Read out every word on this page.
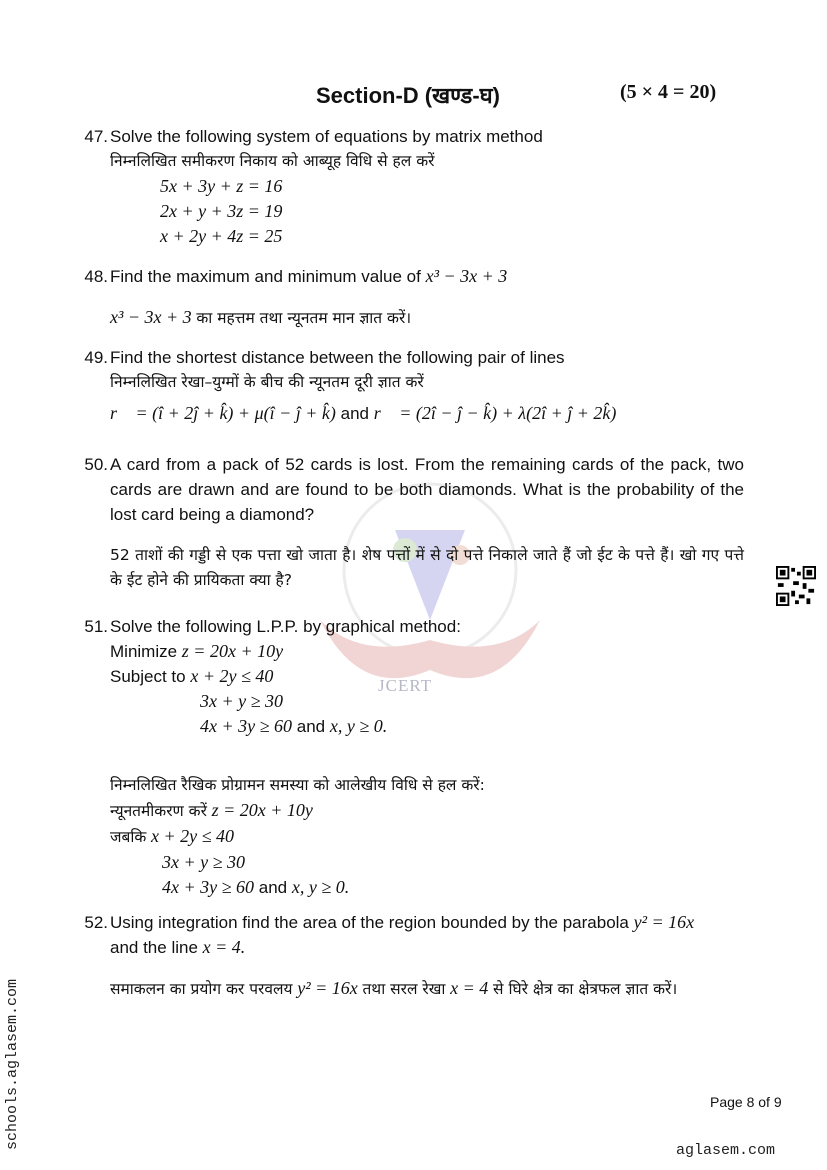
JCERT
Section-D (खण्ड-घ)	(5 × 4 = 20)
47. Solve the following system of equations by matrix method
निम्नलिखित समीकरण निकाय को आब्यूह विधि से हल करें
5x + 3y + z = 16
2x + y + 3z = 19
x + 2y + 4z = 25
48. Find the maximum and minimum value of x³ − 3x + 3
x³ − 3x + 3 का महत्तम तथा न्यूनतम मान ज्ञात करें।
49. Find the shortest distance between the following pair of lines
निम्नलिखित रेखा–युग्मों के बीच की न्यूनतम दूरी ज्ञात करें
r⃗ = (î + 2ĵ + k̂) + μ(î − ĵ + k̂) and r⃗ = (2î − ĵ − k̂) + λ(2î + ĵ + 2k̂)
50. A card from a pack of 52 cards is lost. From the remaining cards of the pack, two cards are drawn and are found to be both diamonds. What is the probability of the lost card being a diamond?
52 ताशों की गड्डी से एक पत्ता खो जाता है। शेष पत्तों में से दो पत्ते निकाले जाते हैं जो ईट के पत्ते हैं। खो गए पत्ते के ईट होने की प्रायिकता क्या है?
51. Solve the following L.P.P. by graphical method:
Minimize z = 20x + 10y
Subject to x + 2y ≤ 40
3x + y ≥ 30
4x + 3y ≥ 60 and x, y ≥ 0.
निम्नलिखित रैखिक प्रोग्रामन समस्या को आलेखीय विधि से हल करें:
न्यूनतमीकरण करें z = 20x + 10y
जबकि x + 2y ≤ 40
3x + y ≥ 30
4x + 3y ≥ 60 and x, y ≥ 0.
52. Using integration find the area of the region bounded by the parabola y² = 16x
and the line x = 4.
समाकलन का प्रयोग कर परवलय y² = 16x तथा सरल रेखा x = 4 से घिरे क्षेत्र का क्षेत्रफल ज्ञात करें।
Page 8 of 9
aglasem.com
schools.aglasem.com
